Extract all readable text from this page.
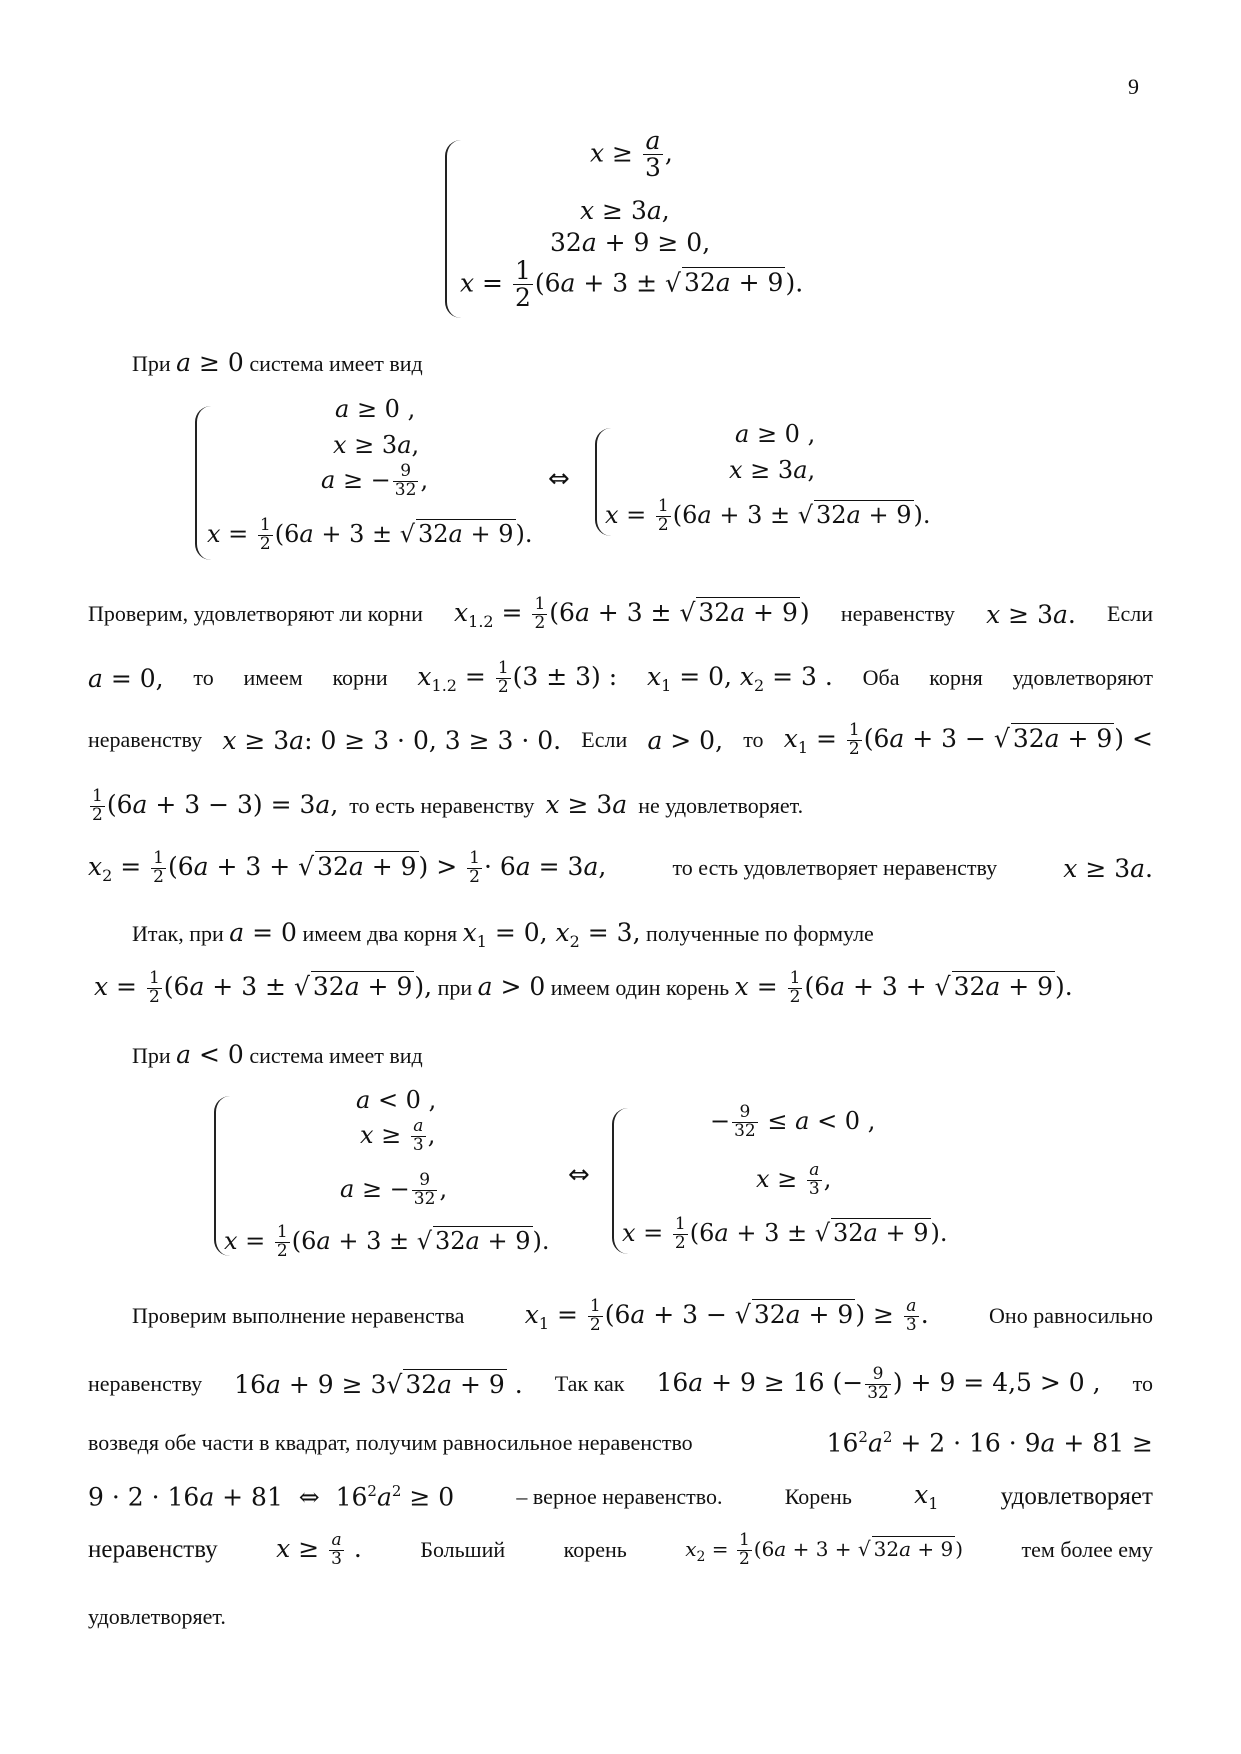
9
$x \ge \frac{a}{3}$ ,
x ≥ 3a,
32a + 9 ≥ 0,
$x = \frac{1}{2} (6a + 3$ ± √ 32a + 9).
При a ≥ 0 система имеет вид
a ≥ 0 ,
x ≥ 3a,
a ≥ − $\frac{9}{32}$ ,
$x = \frac{1}{2} (6a + 3$ ± √ 32a + 9).
⇔
a ≥ 0 ,
x ≥ 3a,
$x = \frac{1}{2} (6a + 3$ ± √ 32a + 9).
Проверим, удовлетворяют ли корни $x_{1.2} = \frac{1}{2} (6a + 3$ ± √ 32a + 9) неравенству x ≥ 3a. Если
a = 0, то имеем корни $x_{1.2} = \frac{1}{2} (3 \pm 3)$ : $x_1 = 0$, $x_2 = 3$ . Оба корня удовлетворяют
неравенству x ≥ 3a: 0 ≥ 3 · 0, 3 ≥ 3 · 0. Если a > 0, то $x_1 = \frac{1}{2} (6a + 3$ − √ 32a + 9) <
$\frac{1}{2} (6a + 3 - 3) = 3a$, то есть неравенству x ≥ 3a не удовлетворяет.
$x_2 = \frac{1}{2} (6a + 3$ + √ $32a + 9) > \frac{1}{2} \cdot 6a = 3a$,	то есть удовлетворяет неравенству	x ≥ 3a.
Итак, при a = 0 имеем два корня $x_1 = 0$, $x_2 = 3$, полученные по формуле
$x = \frac{1}{2} (6a + 3$ ± √ 32a + 9), при a > 0 имеем один корень $x = \frac{1}{2} (6a + 3$ + √ 32a + 9).
При a < 0 система имеет вид
a < 0 ,
$x \ge \frac{a}{3}$ ,
a ≥ − $\frac{9}{32}$ ,
$x = \frac{1}{2} (6a + 3$ ± √ 32a + 9).
⇔
− $\frac{9}{32} \le a < 0$ ,
$x \ge \frac{a}{3}$ ,
$x = \frac{1}{2} (6a + 3$ ± √ 32a + 9).
Проверим выполнение неравенства $x_1 = \frac{1}{2} (6a + 3$ − √ $32a + 9) \ge \frac{a}{3}$ .	Оно равносильно
неравенству 16a + 9 ≥ 3√ 32a + 9 . Так как 16a + 9 ≥ 16 (− $\frac{9}{32}$ ) + 9 = 4,5 > 0 , то
возведя обе части в квадрат, получим равносильное неравенство	$16^2a^2 + 2 \cdot 16 \cdot 9a + 81$ ≥
9 · 2 · 16a + 81  ⇔  $16^2a^2 \ge 0$	– верное неравенство.	Корень $x_1$ удовлетворяет
неравенству $x \ge \frac{a}{3}$ .	Больший	корень	$x_2 = \frac{1}{2} (6a + 3$ + √ 32a + 9 )	тем более ему
удовлетворяет.
